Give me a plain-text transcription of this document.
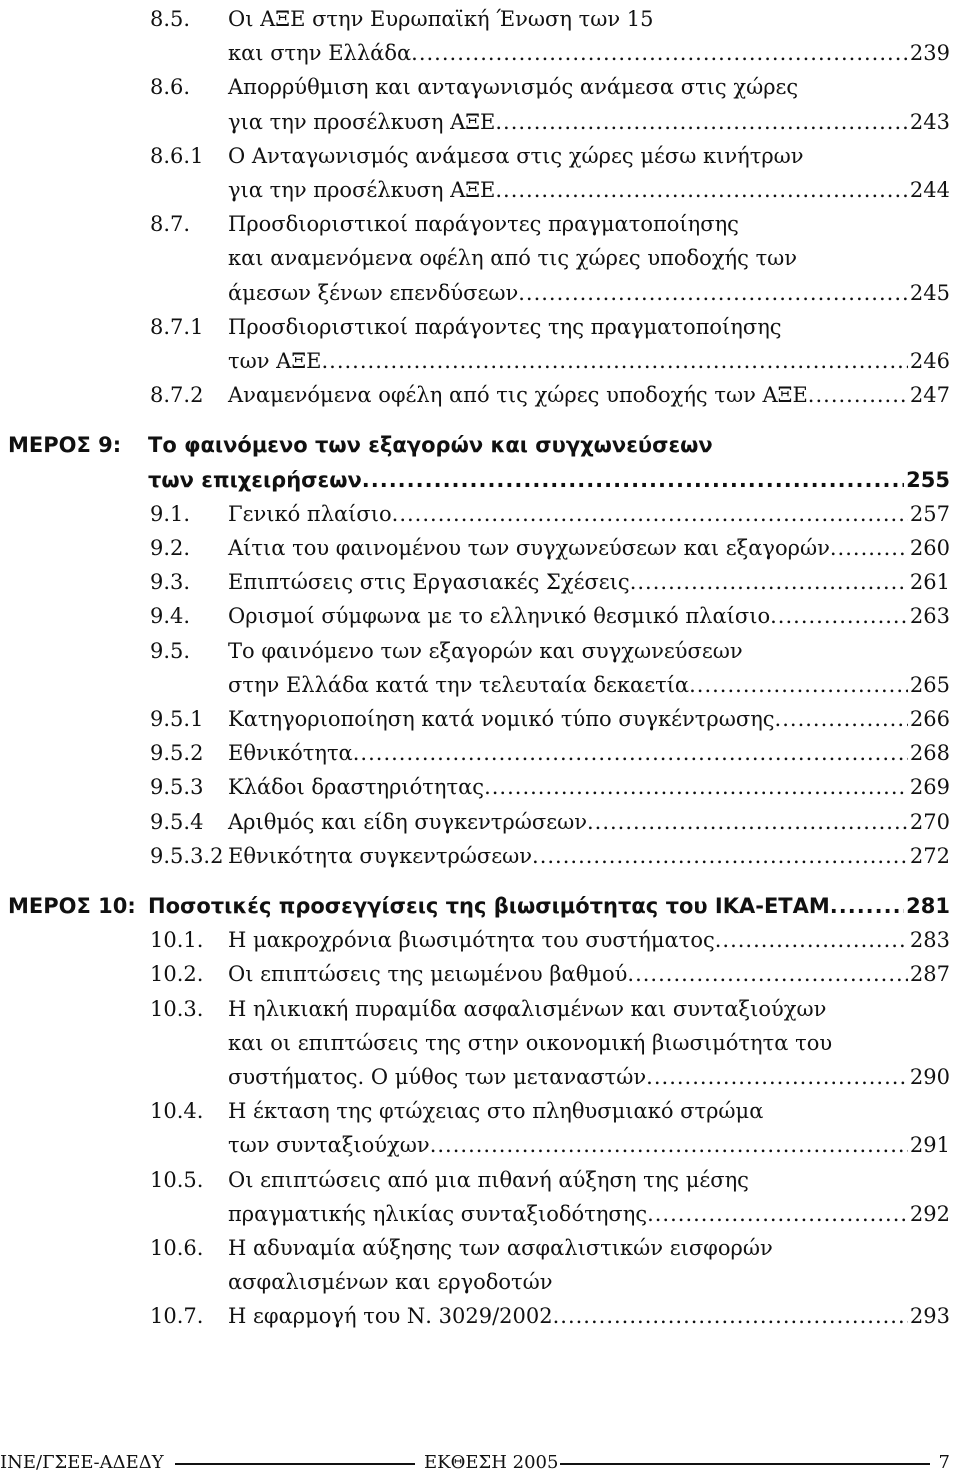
8.5. Οι ΑΞΕ στην Ευρωπαϊκή Ένωση των 15
και στην Ελλάδα .....	239
8.6. Απορρύθμιση και ανταγωνισμός ανάμεσα στις χώρες
για την προσέλκυση ΑΞΕ .....	243
8.6.1 Ο Ανταγωνισμός ανάμεσα στις χώρες μέσω κινήτρων
για την προσέλκυση ΑΞΕ .....	244
8.7. Προσδιοριστικοί παράγοντες πραγματοποίησης
και αναμενόμενα οφέλη από τις χώρες υποδοχής των
άμεσων ξένων επενδύσεων .....	245
8.7.1 Προσδιοριστικοί παράγοντες της πραγματοποίησης
των ΑΞΕ .....	246
8.7.2 Αναμενόμενα οφέλη από τις χώρες υποδοχής των ΑΞΕ .....	247
ΜΕΡΟΣ 9: Το φαινόμενο των εξαγορών και συγχωνεύσεων
των επιχειρήσεων .....	255
9.1. Γενικό πλαίσιο .....	257
9.2. Αίτια του φαινομένου των συγχωνεύσεων και εξαγορών .....	260
9.3. Επιπτώσεις στις Εργασιακές Σχέσεις .....	261
9.4. Ορισμοί σύμφωνα με το ελληνικό θεσμικό πλαίσιο .....	263
9.5. Το φαινόμενο των εξαγορών και συγχωνεύσεων
στην Ελλάδα κατά την τελευταία δεκαετία .....	265
9.5.1 Κατηγοριοποίηση κατά νομικό τύπο συγκέντρωσης .....	266
9.5.2 Εθνικότητα .....	268
9.5.3 Κλάδοι δραστηριότητας .....	269
9.5.4 Αριθμός και είδη συγκεντρώσεων .....	270
9.5.3.2 Εθνικότητα συγκεντρώσεων .....	272
ΜΕΡΟΣ 10: Ποσοτικές προσεγγίσεις της βιωσιμότητας του ΙΚΑ-ΕΤΑΜ .....	281
10.1. Η μακροχρόνια βιωσιμότητα του συστήματος .....	283
10.2. Οι επιπτώσεις της μειωμένου βαθμού .....	287
10.3. Η ηλικιακή πυραμίδα ασφαλισμένων και συνταξιούχων
και οι επιπτώσεις της στην οικονομική βιωσιμότητα του
συστήματος. Ο μύθος των μεταναστών .....	290
10.4. Η έκταση της φτώχειας στο πληθυσμιακό στρώμα
των συνταξιούχων .....	291
10.5. Οι επιπτώσεις από μια πιθανή αύξηση της μέσης
πραγματικής ηλικίας συνταξιοδότησης .....	292
10.6. Η αδυναμία αύξησης των ασφαλιστικών εισφορών
ασφαλισμένων και εργοδοτών
10.7. Η εφαρμογή του Ν. 3029/2002 .....	293
ΙΝΕ/ΓΣΕΕ-ΑΔΕΔΥ	ΕΚΘΕΣΗ 2005	7
